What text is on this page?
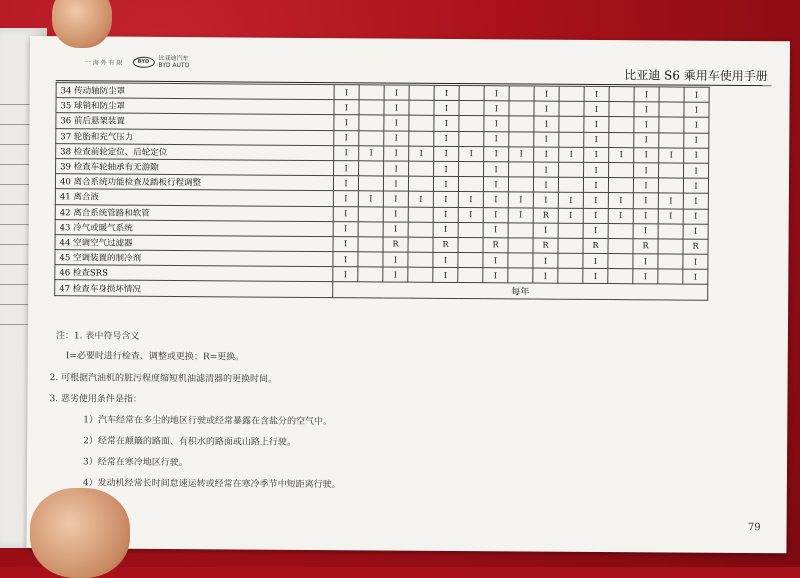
一 海 外 有 限	BYD	比亚迪汽车
BYD AUTO
比亚迪 S6 乘用车使用手册
34 传动轴防尘罩	I		I		I		I		I		I		I		I
35 球销和防尘罩	I		I		I		I		I		I		I		I
36 前后悬架装置	I		I		I		I		I		I		I		I
37 轮胎和充气压力	I		I		I		I		I		I		I		I
38 检查前轮定位、后轮定位	I	I	I	I	I	I	I	I	I	I	I	I	I	I	I
39 检查车轮轴承有无游隙	I		I		I		I		I		I		I		I
40 离合系统功能检查及踏板行程调整	I		I		I		I		I		I		I		I
41 离合液	I	I	I	I	I	I	I	I	I	I	I	I	I	I	I
42 离合系统管路和软管	I		I		I	I	I	I	R	I	I	I	I	I	I
43 冷气或暖气系统	I		I		I		I		I		I		I		I
44 空调空气过滤器	I		R		R		R		R		R		R		R
45 空调装置的制冷剂	I		I		I		I		I		I		I		I
46 检查SRS	I		I		I		I		I		I		I		I
47 检查车身损坏情况	每年														
注：1. 表中符号含义
I=必要时进行检查、调整或更换；R=更换。
2. 可根据汽油机的脏污程度缩短机油滤清器的更换时间。
3. 恶劣使用条件是指：
1）汽车经常在多尘的地区行驶或经常暴露在含盐分的空气中。
2）经常在颠簸的路面、有积水的路面或山路上行驶。
3）经常在寒冷地区行驶。
4）发动机经常长时间怠速运转或经常在寒冷季节中短距离行驶。
79
